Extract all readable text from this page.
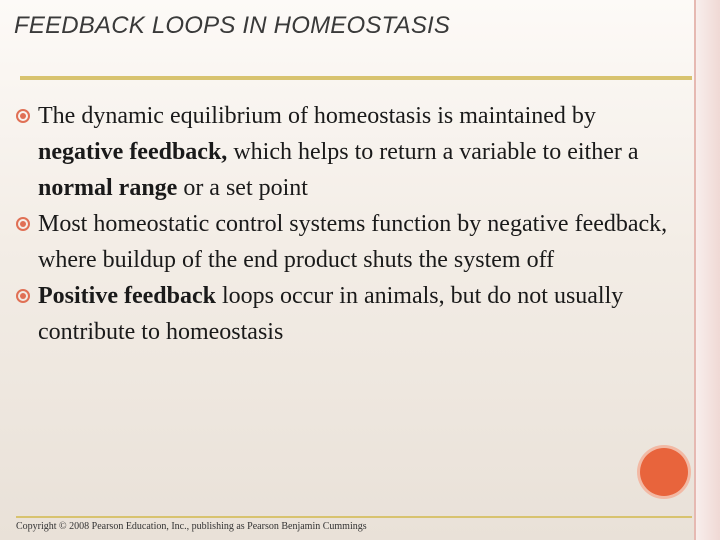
FEEDBACK LOOPS IN HOMEOSTASIS
The dynamic equilibrium of homeostasis is maintained by negative feedback, which helps to return a variable to either a normal range or a set point
Most homeostatic control systems function by negative feedback, where buildup of the end product shuts the system off
Positive feedback loops occur in animals, but do not usually contribute to homeostasis
Copyright © 2008 Pearson Education, Inc., publishing as Pearson Benjamin Cummings
